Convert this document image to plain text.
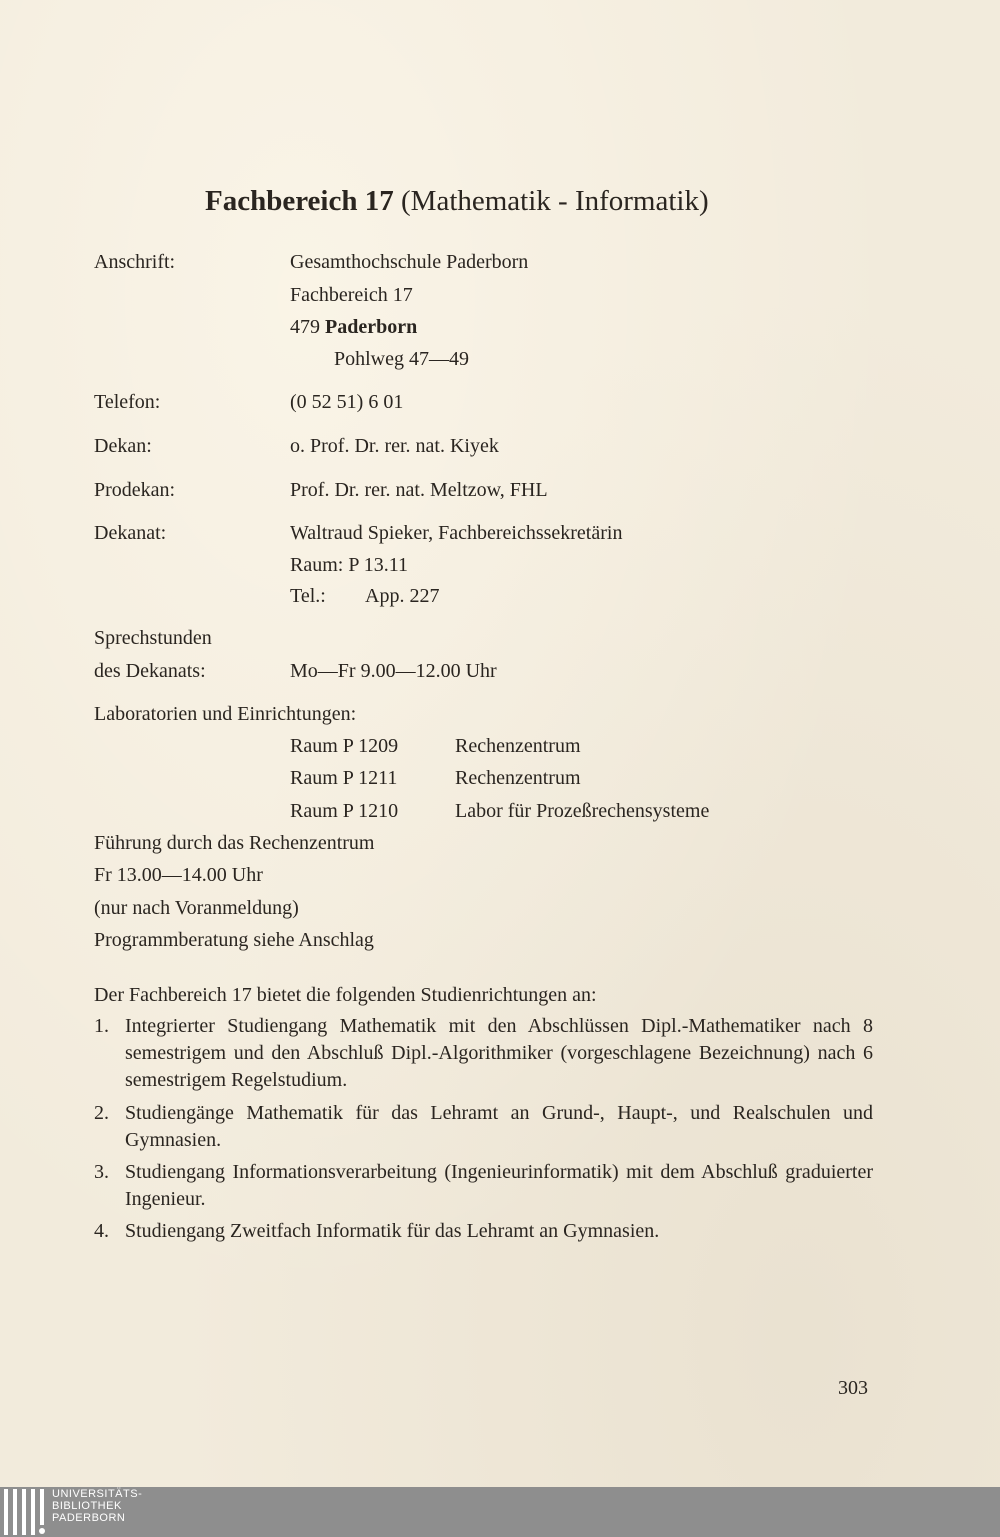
Fachbereich 17 (Mathematik - Informatik)
Anschrift:	Gesamthochschule Paderborn
Fachbereich 17
479 Paderborn
Pohlweg 47—49
Telefon:	(0 52 51) 6 01
Dekan:	o. Prof. Dr. rer. nat. Kiyek
Prodekan:	Prof. Dr. rer. nat. Meltzow, FHL
Dekanat:	Waltraud Spieker, Fachbereichssekretärin
Raum: P 13.11
Tel.: App. 227
Sprechstunden
des Dekanats:	Mo—Fr 9.00—12.00 Uhr
Laboratorien und Einrichtungen:
Raum P 1209	Rechenzentrum
Raum P 1211	Rechenzentrum
Raum P 1210	Labor für Prozeßrechensysteme
Führung durch das Rechenzentrum
Fr 13.00—14.00 Uhr
(nur nach Voranmeldung)
Programmberatung siehe Anschlag
Der Fachbereich 17 bietet die folgenden Studienrichtungen an:
1. Integrierter Studiengang Mathematik mit den Abschlüssen Dipl.-Mathematiker nach 8 semestrigem und den Abschluß Dipl.-Algorithmiker (vorgeschlagene Bezeichnung) nach 6 semestrigem Regelstudium.
2. Studiengänge Mathematik für das Lehramt an Grund-, Haupt-, und Realschulen und Gymnasien.
3. Studiengang Informationsverarbeitung (Ingenieurinformatik) mit dem Abschluß graduierter Ingenieur.
4. Studiengang Zweitfach Informatik für das Lehramt an Gymnasien.
303
UNIVERSITÄTS-
BIBLIOTHEK
PADERBORN
